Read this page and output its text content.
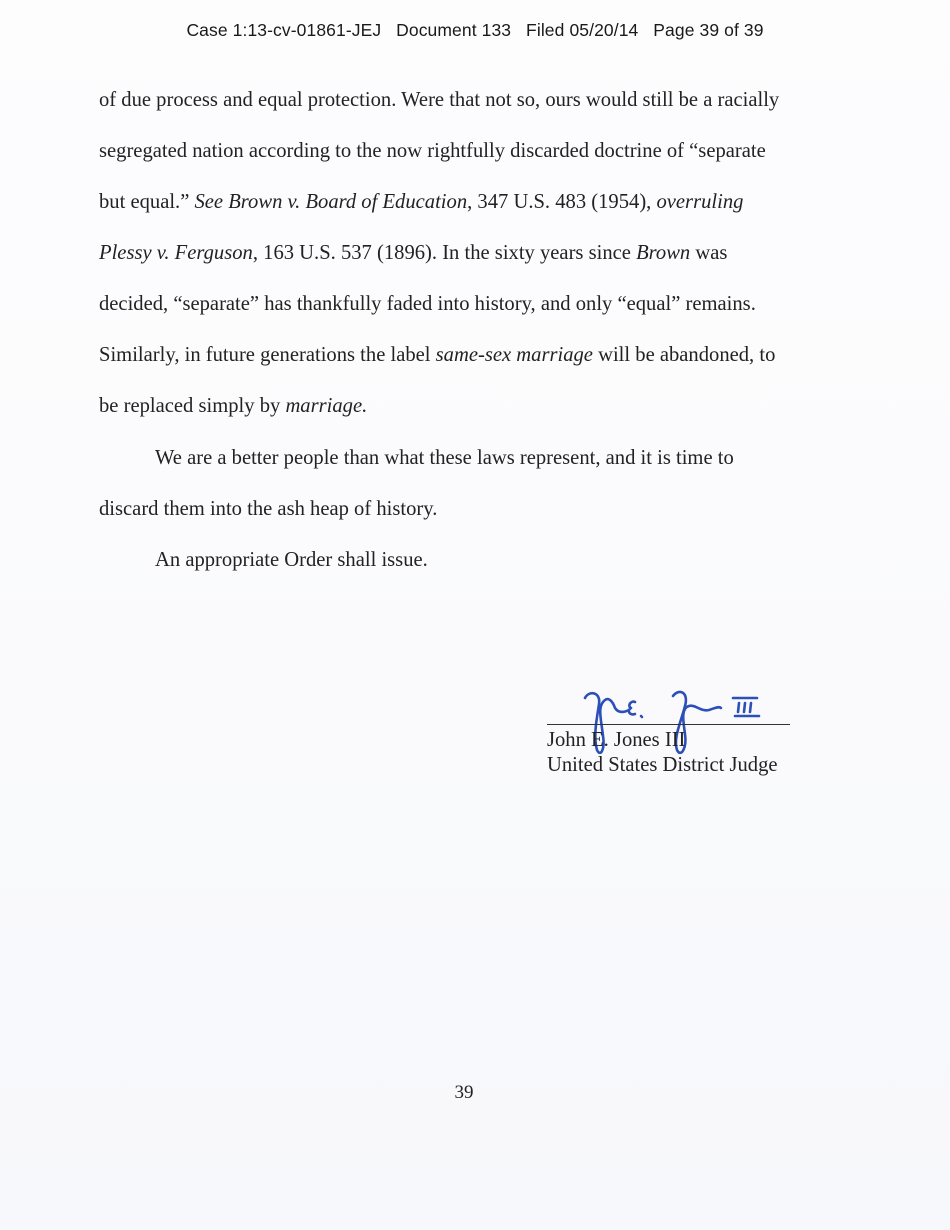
Case 1:13-cv-01861-JEJ Document 133 Filed 05/20/14 Page 39 of 39
of due process and equal protection. Were that not so, ours would still be a racially
segregated nation according to the now rightfully discarded doctrine of “separate
but equal.” See Brown v. Board of Education, 347 U.S. 483 (1954), overruling
Plessy v. Ferguson, 163 U.S. 537 (1896). In the sixty years since Brown was
decided, “separate” has thankfully faded into history, and only “equal” remains.
Similarly, in future generations the label same-sex marriage will be abandoned, to
be replaced simply by marriage.
We are a better people than what these laws represent, and it is time to
discard them into the ash heap of history.
An appropriate Order shall issue.
John E. Jones III
United States District Judge
39
